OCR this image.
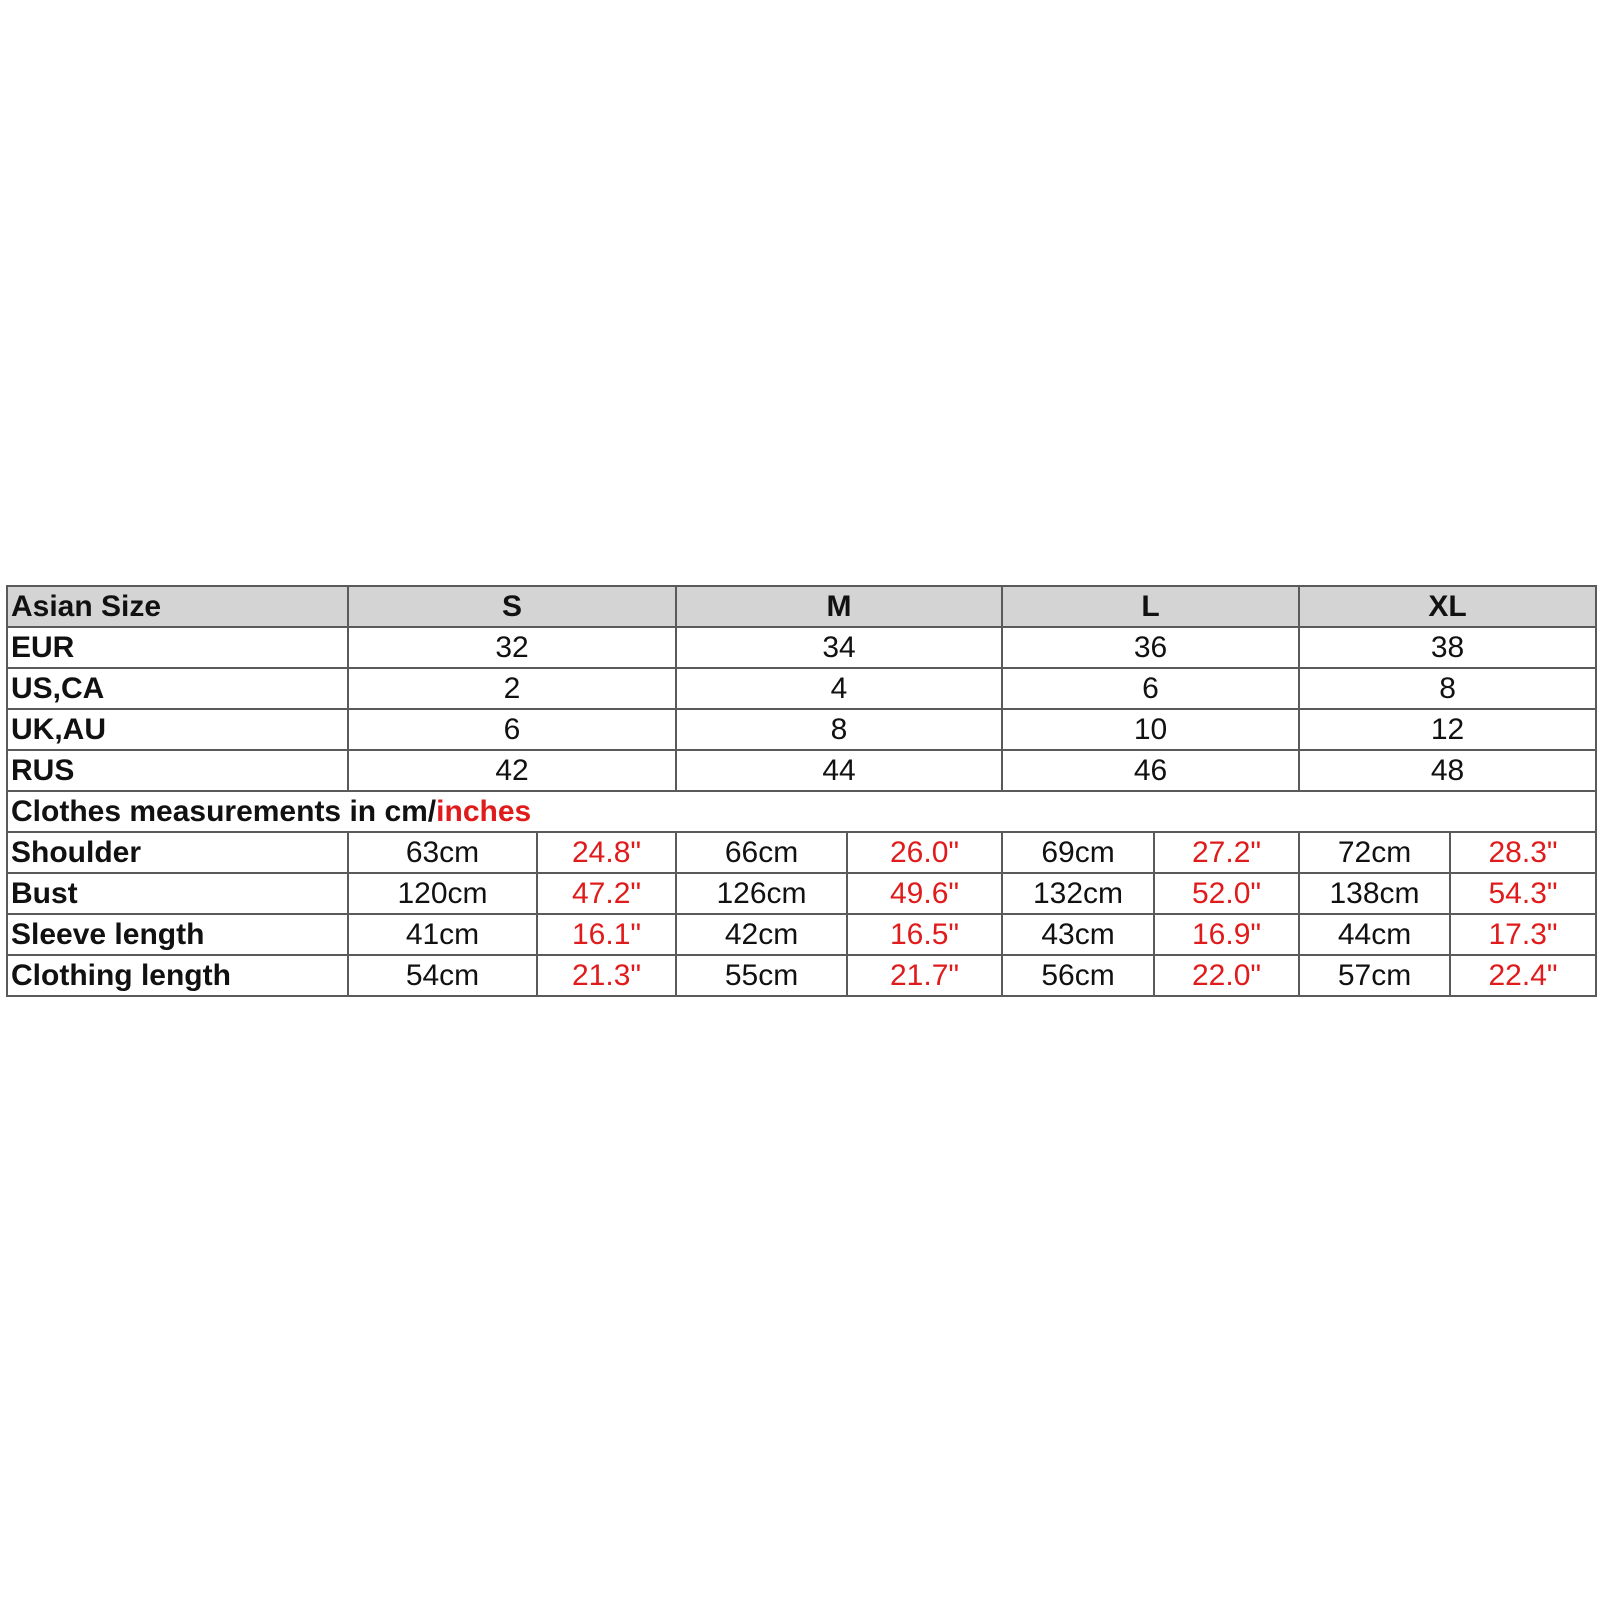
Asian Size	S		M		L		XL	
EUR	32		34		36		38	
US,CA	2		4		6		8	
UK,AU	6		8		10		12	
RUS	42		44		46		48	
Clothes measurements in cm/inches								
Shoulder	63cm	24.8"	66cm	26.0"	69cm	27.2"	72cm	28.3"
Bust	120cm	47.2"	126cm	49.6"	132cm	52.0"	138cm	54.3"
Sleeve length	41cm	16.1"	42cm	16.5"	43cm	16.9"	44cm	17.3"
Clothing length	54cm	21.3"	55cm	21.7"	56cm	22.0"	57cm	22.4"
